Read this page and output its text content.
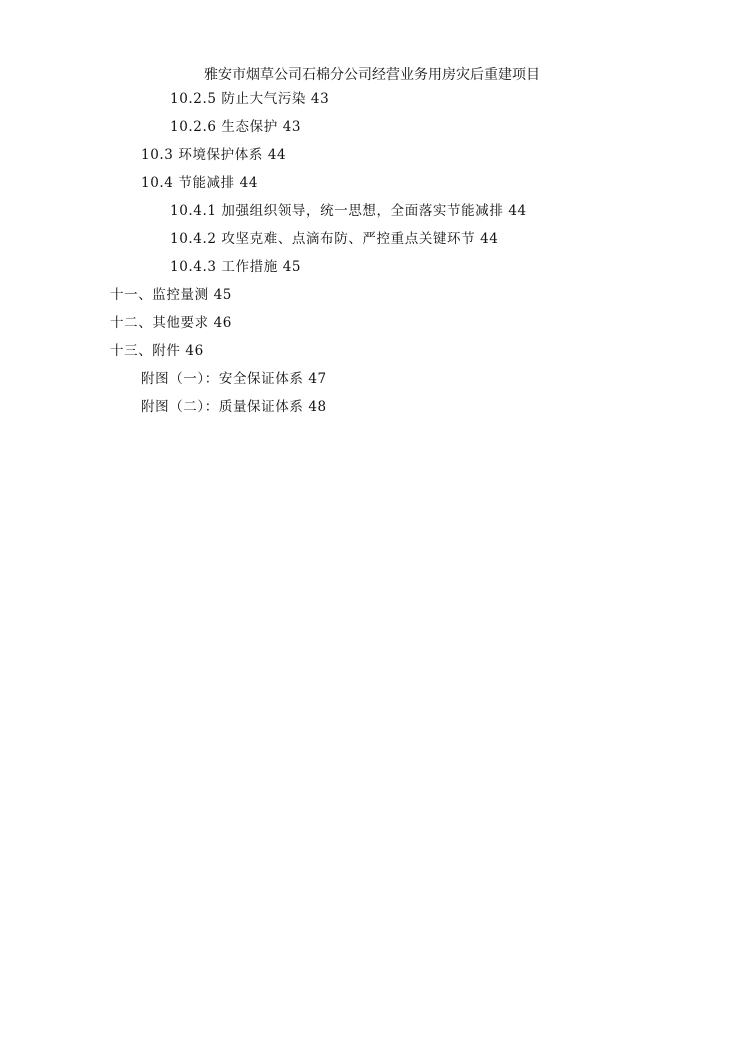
雅安市烟草公司石棉分公司经营业务用房灾后重建项目
10.2.5 防止大气污染 43
10.2.6 生态保护 43
10.3 环境保护体系 44
10.4 节能减排 44
10.4.1 加强组织领导，统一思想，全面落实节能减排 44
10.4.2 攻坚克难、点滴布防、严控重点关键环节 44
10.4.3 工作措施 45
十一、监控量测 45
十二、其他要求 46
十三、附件 46
附图（一）：安全保证体系 47
附图（二）：质量保证体系 48
